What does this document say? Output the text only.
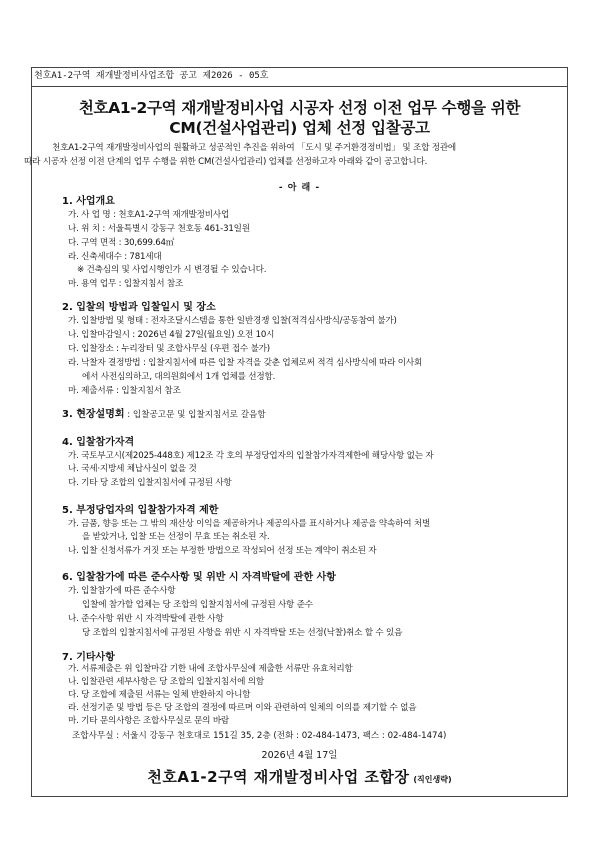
천호A1-2구역 재개발정비사업조합 공고 제2026 - 05호
천호A1-2구역 재개발정비사업 시공자 선정 이전 업무 수행을 위한
CM(건설사업관리) 업체 선정 입찰공고
천호A1-2구역 재개발정비사업의 원활하고 성공적인 추진을 위하여 「도시 및 주거환경정비법」 및 조합 정관에
따라 시공자 선정 이전 단계의 업무 수행을 위한 CM(건설사업관리) 업체를 선정하고자 아래와 같이 공고합니다.
- 아 래 -
1. 사업개요
가. 사 업 명 : 천호A1-2구역 재개발정비사업
나. 위 치 : 서울특별시 강동구 천호동 461-31일원
다. 구역 면적 : 30,699.64㎡
라. 신축세대수 : 781세대
※ 건축심의 및 사업시행인가 시 변경될 수 있습니다.
마. 용역 업무 : 입찰지침서 참조
2. 입찰의 방법과 입찰일시 및 장소
가. 입찰방법 및 형태 : 전자조달시스템을 통한 일반경쟁 입찰(적격심사방식/공동참여 불가)
나. 입찰마감일시 : 2026년 4월 27일(월요일) 오전 10시
다. 입찰장소 : 누리장터 및 조합사무실 (우편 접수 불가)
라. 낙찰자 결정방법 : 입찰지침서에 따른 입찰 자격을 갖춘 업체로써 적격 심사방식에 따라 이사회
에서 사전심의하고, 대의원회에서 1개 업체를 선정함.
마. 제출서류 : 입찰지침서 참조
3. 현장설명회 : 입찰공고문 및 입찰지침서로 갈음함
4. 입찰참가자격
가. 국토부고시(제2025-448호) 제12조 각 호의 부정당업자의 입찰참가자격제한에 해당사항 없는 자
나. 국세·지방세 체납사실이 없을 것
다. 기타 당 조합의 입찰지침서에 규정된 사항
5. 부정당업자의 입찰참가자격 제한
가. 금품, 향응 또는 그 밖의 재산상 이익을 제공하거나 제공의사를 표시하거나 제공을 약속하여 처벌
을 받았거나, 입찰 또는 선정이 무효 또는 취소된 자.
나. 입찰 신청서류가 거짓 또는 부정한 방법으로 작성되어 선정 또는 계약이 취소된 자
6. 입찰참가에 따른 준수사항 및 위반 시 자격박탈에 관한 사항
가. 입찰참가에 따른 준수사항
입찰에 참가할 업체는 당 조합의 입찰지침서에 규정된 사항 준수
나. 준수사항 위반 시 자격박탈에 관한 사항
당 조합의 입찰지침서에 규정된 사항을 위반 시 자격박탈 또는 선정(낙찰)취소 할 수 있음
7. 기타사항
가. 서류제출은 위 입찰마감 기한 내에 조합사무실에 제출한 서류만 유효처리함
나. 입찰관련 세부사항은 당 조합의 입찰지침서에 의함
다. 당 조합에 제출된 서류는 일체 반환하지 아니함
조합사무실 : 서울시 강동구 천호대로 151길 35, 2층 (전화 : 02-484-1473, 팩스 : 02-484-1474)
2026년 4월 17일
천호A1-2구역 재개발정비사업 조합장 (직인생략)
라. 선정기준 및 방법 등은 당 조합의 결정에 따르며 이와 관련하여 일체의 이의를 제기할 수 없음
마. 기타 문의사항은 조합사무실로 문의 바람
